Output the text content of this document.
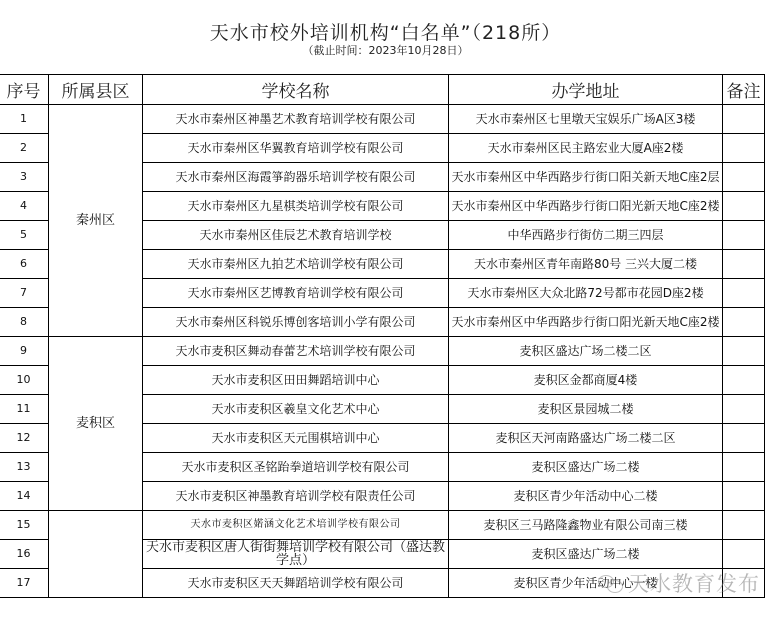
天水市校外培训机构“白名单”（218所）
（截止时间：2023年10月28日）
序号	所属县区	学校名称	办学地址	备注
1	秦州区	天水市秦州区神墨艺术教育培训学校有限公司	天水市秦州区七里墩天宝娱乐广场A区3楼	
2		天水市秦州区华翼教育培训学校有限公司	天水市秦州区民主路宏业大厦A座2楼	
3		天水市秦州区海霞箏韵器乐培训学校有限公司	天水市秦州区中华西路步行街口阳关新天地C座2层	
4		天水市秦州区九星棋类培训学校有限公司	天水市秦州区中华西路步行街口阳光新天地C座2楼	
5		天水市秦州区佳辰艺术教育培训学校	中华西路步行街仿二期三四层	
6		天水市秦州区九拍艺术培训学校有限公司	天水市秦州区青年南路80号 三兴大厦二楼	
7		天水市秦州区艺博教育培训学校有限公司	天水市秦州区大众北路72号都市花园D座2楼	
8		天水市秦州区科锐乐博创客培训小学有限公司	天水市秦州区中华西路步行街口阳光新天地C座2楼	
9	麦积区	天水市麦积区舞动春蕾艺术培训学校有限公司	麦积区盛达广场二楼二区	
10		天水市麦积区田田舞蹈培训中心	麦积区金都商厦4楼	
11		天水市麦积区羲皇文化艺术中心	麦积区景园城二楼	
12		天水市麦积区天元围棋培训中心	麦积区天河南路盛达广场二楼二区	
13		天水市麦积区圣铭跆拳道培训学校有限公司	麦积区盛达广场二楼	
14		天水市麦积区神墨教育培训学校有限责任公司	麦积区青少年活动中心二楼	
15		天水市麦积区婼涵文化艺术培训学校有限公司	麦积区三马路隆鑫物业有限公司南三楼	
16		天水市麦积区唐人街街舞培训学校有限公司（盛达教学点）	麦积区盛达广场二楼	
17		天水市麦积区天天舞蹈培训学校有限公司	麦积区青少年活动中心一楼	
天水教育发布
